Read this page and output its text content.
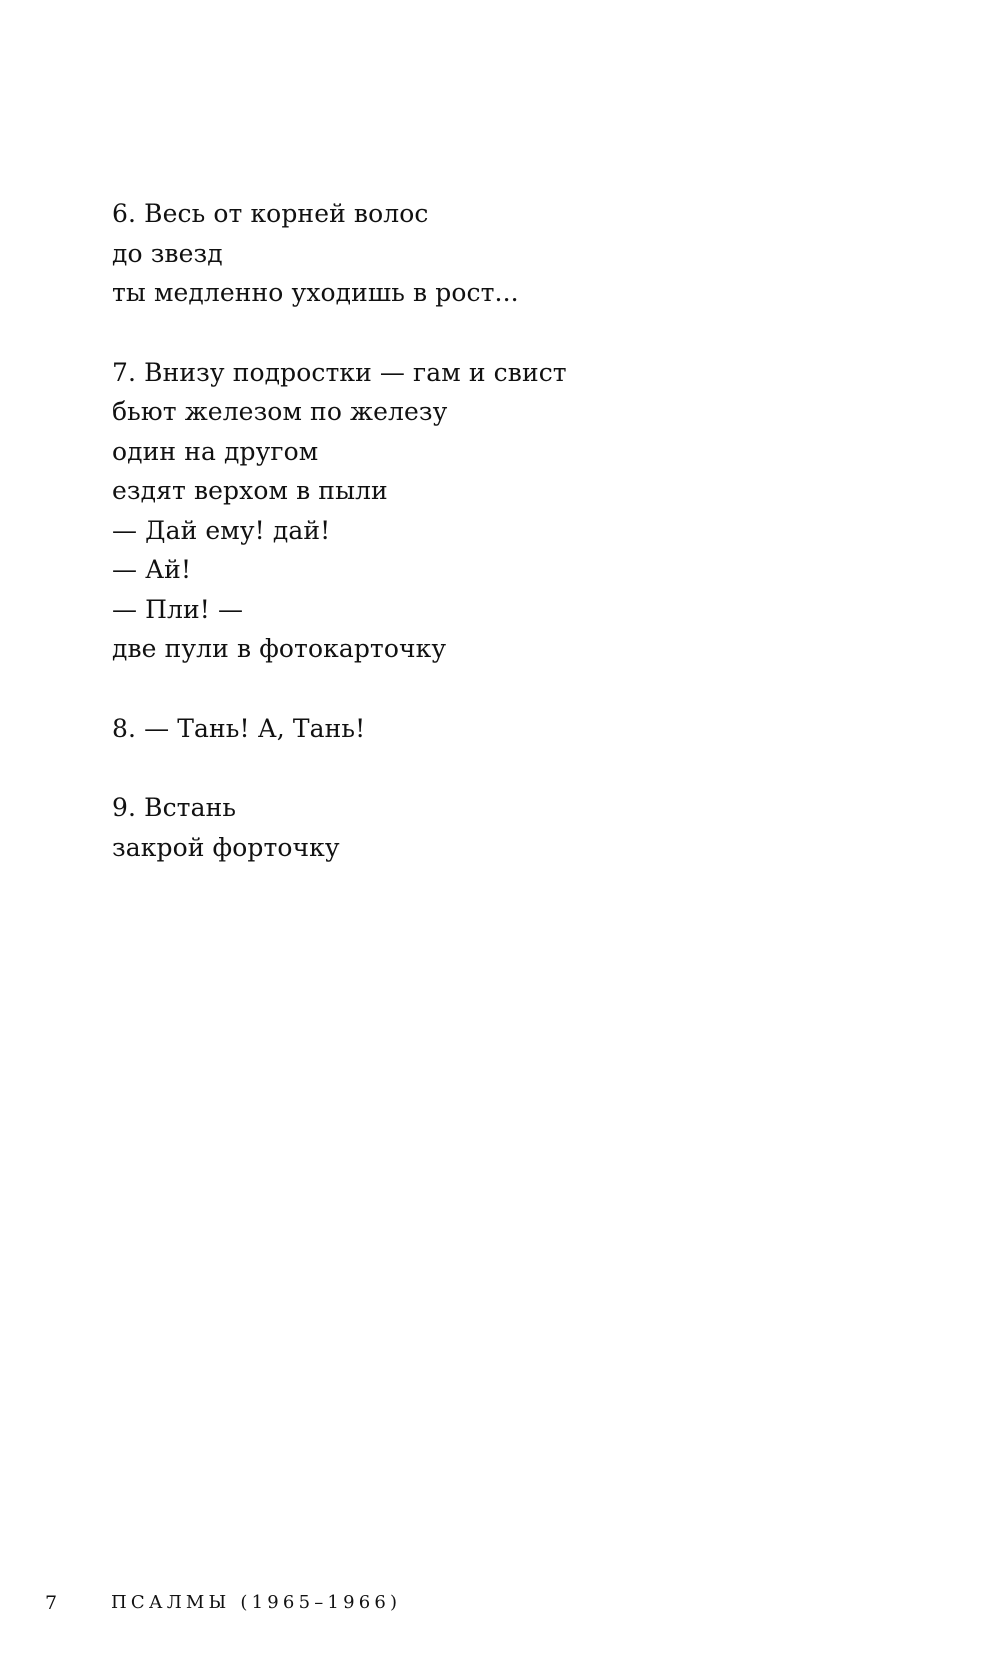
6. Весь от корней волос
до звезд
ты медленно уходишь в рост...
7. Внизу подростки — гам и свист
бьют железом по железу
один на другом
ездят верхом в пыли
— Дай ему! дай!
— Ай!
— Пли! —
две пули в фотокарточку
8. — Тань! А, Тань!
9. Встань
закрой форточку
7	ПСАЛМЫ (1965–1966)
